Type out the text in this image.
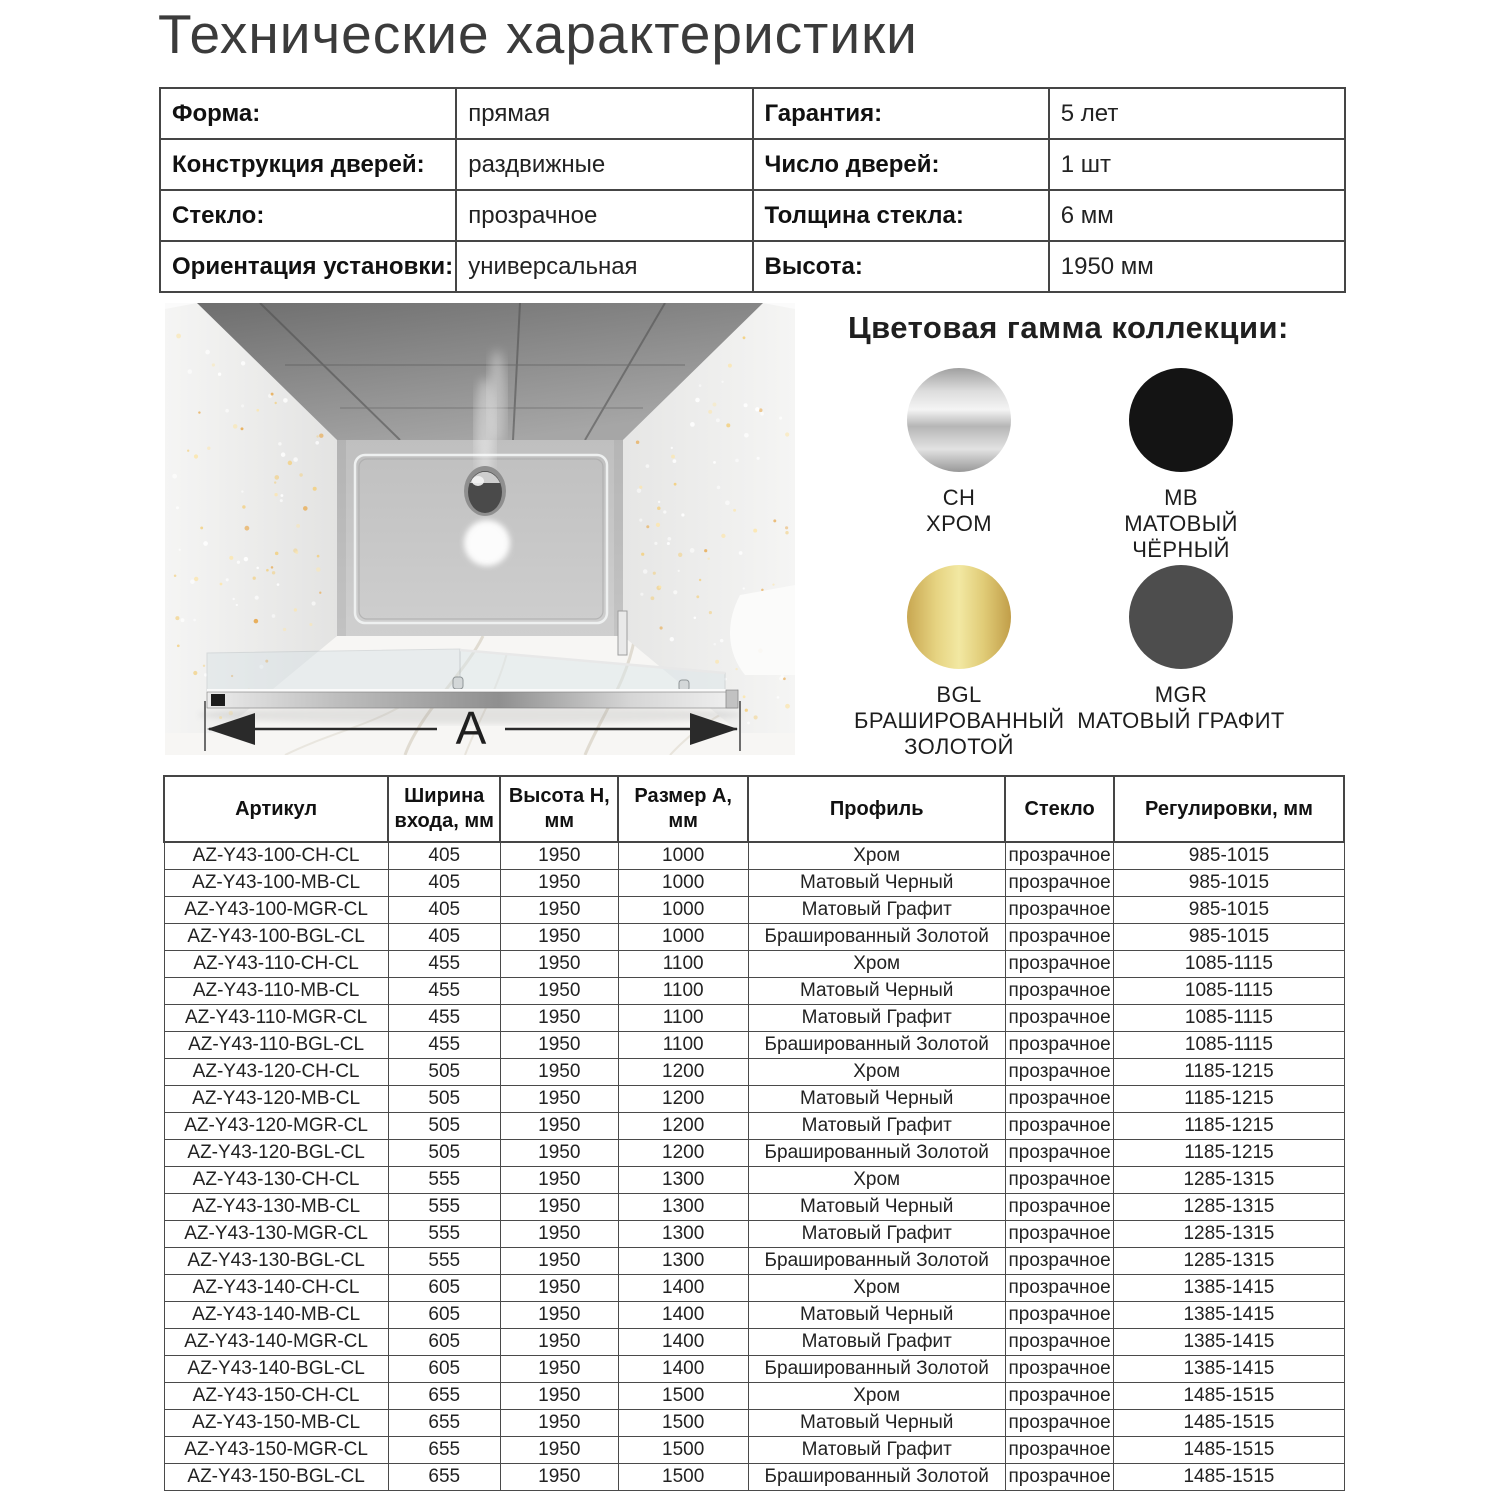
Технические характеристики
Форма:	прямая	Гарантия:	5 лет
Конструкция дверей:	раздвижные	Число дверей:	1 шт
Стекло:	прозрачное	Толщина стекла:	6 мм
Ориентация установки:	универсальная	Высота:	1950 мм
A
Цветовая гамма коллекции:
CH
ХРОМ
MB
МАТОВЫЙ ЧЁРНЫЙ
BGL
БРАШИРОВАННЫЙ ЗОЛОТОЙ
MGR
МАТОВЫЙ ГРАФИТ
Артикул	Ширина входа, мм	Высота H, мм	Размер A, мм	Профиль	Стекло	Регулировки, мм
AZ-Y43-100-CH-CL	405	1950	1000	Хром	прозрачное	985-1015
AZ-Y43-100-MB-CL	405	1950	1000	Матовый Черный	прозрачное	985-1015
AZ-Y43-100-MGR-CL	405	1950	1000	Матовый Графит	прозрачное	985-1015
AZ-Y43-100-BGL-CL	405	1950	1000	Брашированный Золотой	прозрачное	985-1015
AZ-Y43-110-CH-CL	455	1950	1100	Хром	прозрачное	1085-1115
AZ-Y43-110-MB-CL	455	1950	1100	Матовый Черный	прозрачное	1085-1115
AZ-Y43-110-MGR-CL	455	1950	1100	Матовый Графит	прозрачное	1085-1115
AZ-Y43-110-BGL-CL	455	1950	1100	Брашированный Золотой	прозрачное	1085-1115
AZ-Y43-120-CH-CL	505	1950	1200	Хром	прозрачное	1185-1215
AZ-Y43-120-MB-CL	505	1950	1200	Матовый Черный	прозрачное	1185-1215
AZ-Y43-120-MGR-CL	505	1950	1200	Матовый Графит	прозрачное	1185-1215
AZ-Y43-120-BGL-CL	505	1950	1200	Брашированный Золотой	прозрачное	1185-1215
AZ-Y43-130-CH-CL	555	1950	1300	Хром	прозрачное	1285-1315
AZ-Y43-130-MB-CL	555	1950	1300	Матовый Черный	прозрачное	1285-1315
AZ-Y43-130-MGR-CL	555	1950	1300	Матовый Графит	прозрачное	1285-1315
AZ-Y43-130-BGL-CL	555	1950	1300	Брашированный Золотой	прозрачное	1285-1315
AZ-Y43-140-CH-CL	605	1950	1400	Хром	прозрачное	1385-1415
AZ-Y43-140-MB-CL	605	1950	1400	Матовый Черный	прозрачное	1385-1415
AZ-Y43-140-MGR-CL	605	1950	1400	Матовый Графит	прозрачное	1385-1415
AZ-Y43-140-BGL-CL	605	1950	1400	Брашированный Золотой	прозрачное	1385-1415
AZ-Y43-150-CH-CL	655	1950	1500	Хром	прозрачное	1485-1515
AZ-Y43-150-MB-CL	655	1950	1500	Матовый Черный	прозрачное	1485-1515
AZ-Y43-150-MGR-CL	655	1950	1500	Матовый Графит	прозрачное	1485-1515
AZ-Y43-150-BGL-CL	655	1950	1500	Брашированный Золотой	прозрачное	1485-1515
